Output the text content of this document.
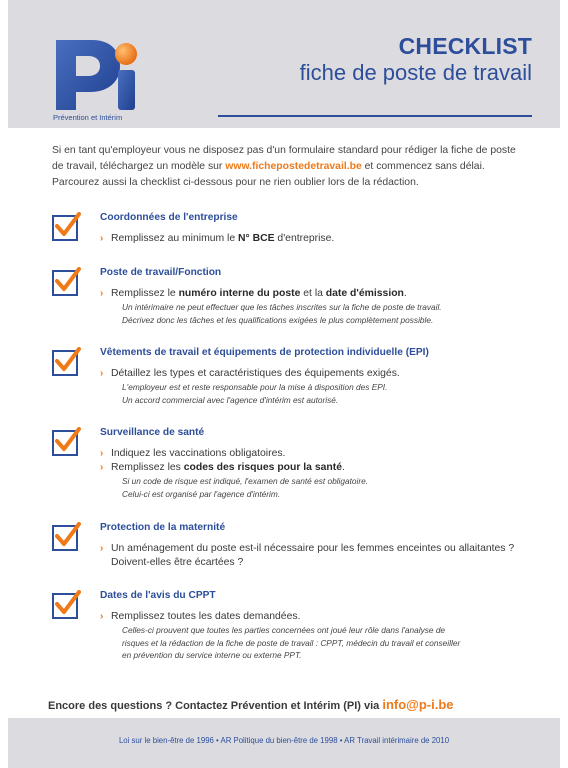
Prévention et Intérim
CHECKLIST
fiche de poste de travail
Si en tant qu'employeur vous ne disposez pas d'un formulaire standard pour rédiger la fiche de poste de travail, téléchargez un modèle sur www.fichepostedetravail.be et commencez sans délai.
Parcourez aussi la checklist ci-dessous pour ne rien oublier lors de la rédaction.
Coordonnées de l'entreprise
› Remplissez au minimum le N° BCE d'entreprise.
Poste de travail/Fonction
› Remplissez le numéro interne du poste et la date d'émission.
Un intérimaire ne peut effectuer que les tâches inscrites sur la fiche de poste de travail.
Décrivez donc les tâches et les qualifications exigées le plus complètement possible.
Vêtements de travail et équipements de protection individuelle (EPI)
› Détaillez les types et caractéristiques des équipements exigés.
L'employeur est et reste responsable pour la mise à disposition des EPI.
Un accord commercial avec l'agence d'intérim est autorisé.
Surveillance de santé
› Indiquez les vaccinations obligatoires.
› Remplissez les codes des risques pour la santé.
Si un code de risque est indiqué, l'examen de santé est obligatoire.
Celui-ci est organisé par l'agence d'intérim.
Protection de la maternité
› Un aménagement du poste est-il nécessaire pour les femmes enceintes ou allaitantes ?
Doivent-elles être écartées ?
Dates de l'avis du CPPT
› Remplissez toutes les dates demandées.
Celles-ci prouvent que toutes les parties concernées ont joué leur rôle dans l'analyse de
risques et la rédaction de la fiche de poste de travail : CPPT, médecin du travail et conseiller
en prévention du service interne ou externe PPT.
Encore des questions ? Contactez Prévention et Intérim (PI) via info@p-i.be
Loi sur le bien-être de 1996 • AR Politique du bien-être de 1998 • AR Travail intérimaire de 2010
